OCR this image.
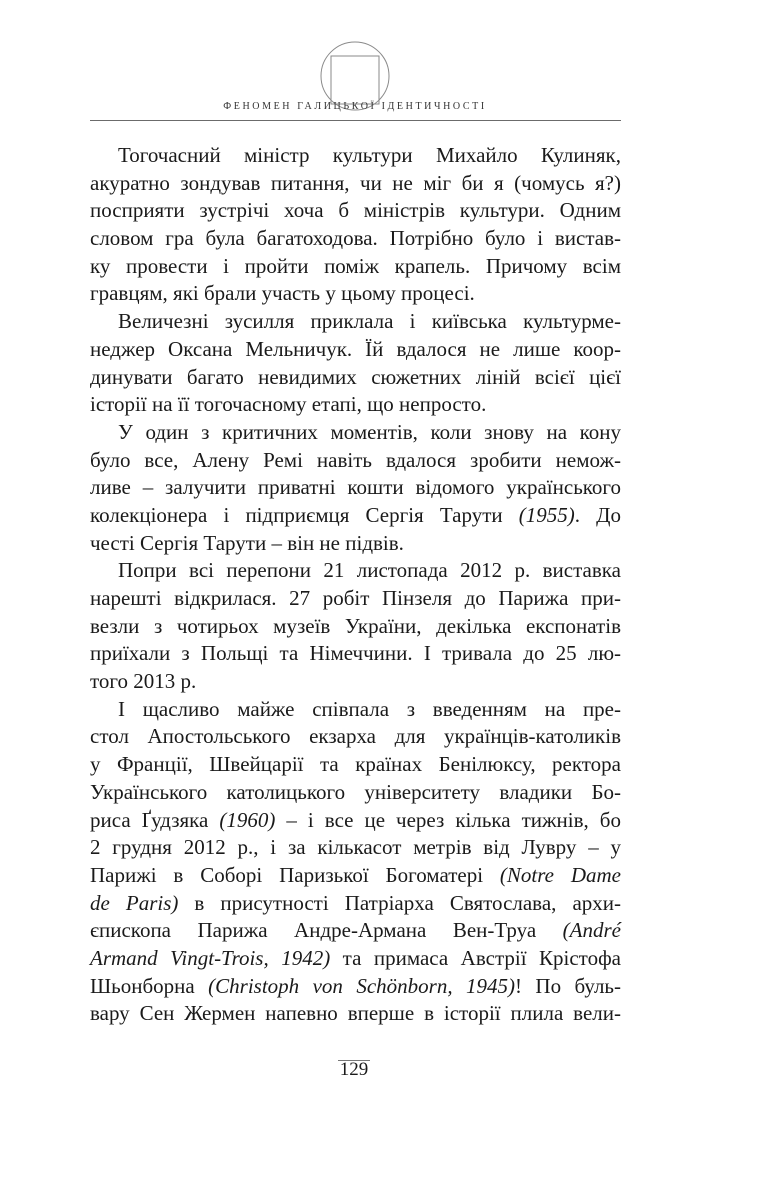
ФЕНОМЕН ГАЛИЦЬКОЇ ІДЕНТИЧНОСТІ
Тогочасний міністр культури Михайло Кулиняк,
акуратно зондував питання, чи не міг би я (чомусь я?)
посприяти зустрічі хоча б міністрів культури. Одним
словом гра була багатоходова. Потрібно було і вистав-
ку провести і пройти поміж крапель. Причому всім
гравцям, які брали участь у цьому процесі.
Величезні зусилля приклала і київська культурме-
неджер Оксана Мельничук. Їй вдалося не лише коор-
динувати багато невидимих сюжетних ліній всієї цієї
історії на її тогочасному етапі, що непросто.
У один з критичних моментів, коли знову на кону
було все, Алену Ремі навіть вдалося зробити немож-
ливе – залучити приватні кошти відомого українського
колекціонера і підприємця Сергія Тарути (1955). До
честі Сергія Тарути – він не підвів.
Попри всі перепони 21 листопада 2012 р. виставка
нарешті відкрилася. 27 робіт Пінзеля до Парижа при-
везли з чотирьох музеїв України, декілька експонатів
приїхали з Польщі та Німеччини. І тривала до 25 лю-
того 2013 р.
І щасливо майже співпала з введенням на пре-
стол Апостольського екзарха для українців-католиків
у Франції, Швейцарії та країнах Бенілюксу, ректора
Українського католицького університету владики Бо-
риса Ґудзяка (1960) – і все це через кілька тижнів, бо
2 грудня 2012 р., і за кількасот метрів від Лувру – у
Парижі в Соборі Паризької Богоматері (Notre Dame
de Paris) в присутності Патріарха Святослава, архи-
єпископа Парижа Андре-Армана Вен-Труа (André
Armand Vingt-Trois, 1942) та примаса Австрії Крістофа
Шьонборна (Christoph von Schönborn, 1945)! По буль-
вару Сен Жермен напевно вперше в історії плила вели-
129
